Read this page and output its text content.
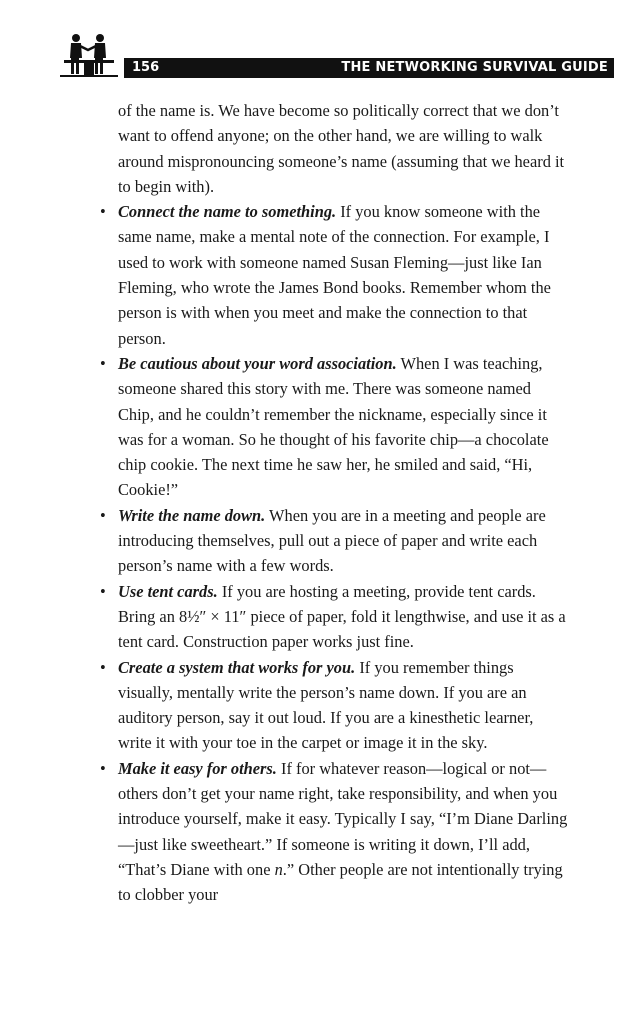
156	THE NETWORKING SURVIVAL GUIDE

of the name is. We have become so politically correct that we don’t want to offend anyone; on the other hand, we are willing to walk around mispronouncing someone’s name (assuming that we heard it to begin with).

• Connect the name to something. If you know someone with the same name, make a mental note of the connection. For example, I used to work with someone named Susan Fleming—just like Ian Fleming, who wrote the James Bond books. Remember whom the person is with when you meet and make the connection to that person.

• Be cautious about your word association. When I was teaching, someone shared this story with me. There was someone named Chip, and he couldn’t remember the nickname, especially since it was for a woman. So he thought of his favorite chip—a chocolate chip cookie. The next time he saw her, he smiled and said, “Hi, Cookie!”

• Write the name down. When you are in a meeting and people are introducing themselves, pull out a piece of paper and write each person’s name with a few words.

• Use tent cards. If you are hosting a meeting, provide tent cards. Bring an 8½″ × 11″ piece of paper, fold it lengthwise, and use it as a tent card. Construction paper works just fine.

• Create a system that works for you. If you remember things visually, mentally write the person’s name down. If you are an auditory person, say it out loud. If you are a kinesthetic learner, write it with your toe in the carpet or image it in the sky.

• Make it easy for others. If for whatever reason—logical or not—others don’t get your name right, take responsibility, and when you introduce yourself, make it easy. Typically I say, “I’m Diane Darling—just like sweetheart.” If someone is writing it down, I’ll add, “That’s Diane with one n.” Other people are not intentionally trying to clobber your
